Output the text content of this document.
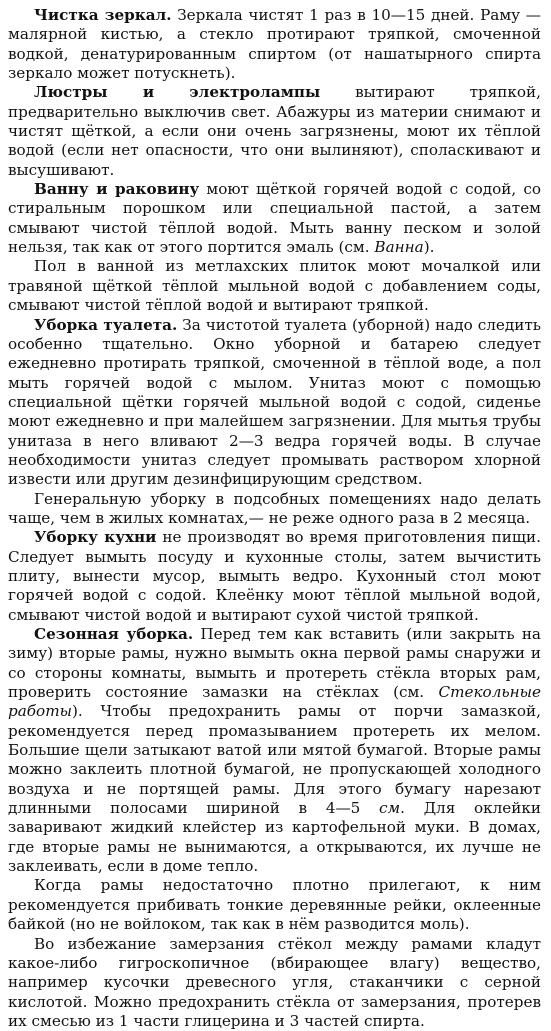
Чистка зеркал. Зеркала чистят 1 раз в 10—15 дней. Раму — малярной кистью, а стекло протирают тряпкой, смоченной водкой, денатурированным спиртом (от нашатырного спирта зеркало может потускнеть).

Люстры и электролампы вытирают тряпкой, предварительно выключив свет. Абажуры из материи снимают и чистят щёткой, а если они очень загрязнены, моют их тёплой водой (если нет опасности, что они вылиняют), споласкивают и высушивают.

Ванну и раковину моют щёткой горячей водой с содой, со стиральным порошком или специальной пастой, а затем смывают чистой тёплой водой. Мыть ванну песком и золой нельзя, так как от этого портится эмаль (см. Ванна).

Пол в ванной из метлахских плиток моют мочалкой или травяной щёткой тёплой мыльной водой с добавлением соды, смывают чистой тёплой водой и вытирают тряпкой.

Уборка туалета. За чистотой туалета (уборной) надо следить особенно тщательно. Окно уборной и батарею следует ежедневно протирать тряпкой, смоченной в тёплой воде, а пол мыть горячей водой с мылом. Унитаз моют с помощью специальной щётки горячей мыльной водой с содой, сиденье моют ежедневно и при малейшем загрязнении. Для мытья трубы унитаза в него вливают 2—3 ведра горячей воды. В случае необходимости унитаз следует промывать раствором хлорной извести или другим дезинфицирующим средством.

Генеральную уборку в подсобных помещениях надо делать чаще, чем в жилых комнатах,— не реже одного раза в 2 месяца.

Уборку кухни не производят во время приготовления пищи. Следует вымыть посуду и кухонные столы, затем вычистить плиту, вынести мусор, вымыть ведро. Кухонный стол моют горячей водой с содой. Клеёнку моют тёплой мыльной водой, смывают чистой водой и вытирают сухой чистой тряпкой.

Сезонная уборка. Перед тем как вставить (или закрыть на зиму) вторые рамы, нужно вымыть окна первой рамы снаружи и со стороны комнаты, вымыть и протереть стёкла вторых рам, проверить состояние замазки на стёклах (см. Стекольные работы). Чтобы предохранить рамы от порчи замазкой, рекомендуется перед промазыванием протереть их мелом. Большие щели затыкают ватой или мятой бумагой. Вторые рамы можно заклеить плотной бумагой, не пропускающей холодного воздуха и не портящей рамы. Для этого бумагу нарезают длинными полосами шириной в 4—5 см. Для оклейки заваривают жидкий клейстер из картофельной муки. В домах, где вторые рамы не вынимаются, а открываются, их лучше не заклеивать, если в доме тепло.

Когда рамы недостаточно плотно прилегают, к ним рекомендуется прибивать тонкие деревянные рейки, оклеенные байкой (но не войлоком, так как в нём разводится моль).

Во избежание замерзания стёкол между рамами кладут какое-либо гигроскопичное (вбирающее влагу) вещество, например кусочки древесного угля, стаканчики с серной кислотой. Можно предохранить стёкла от замерзания, протерев их смесью из 1 части глицерина и 3 частей спирта.
